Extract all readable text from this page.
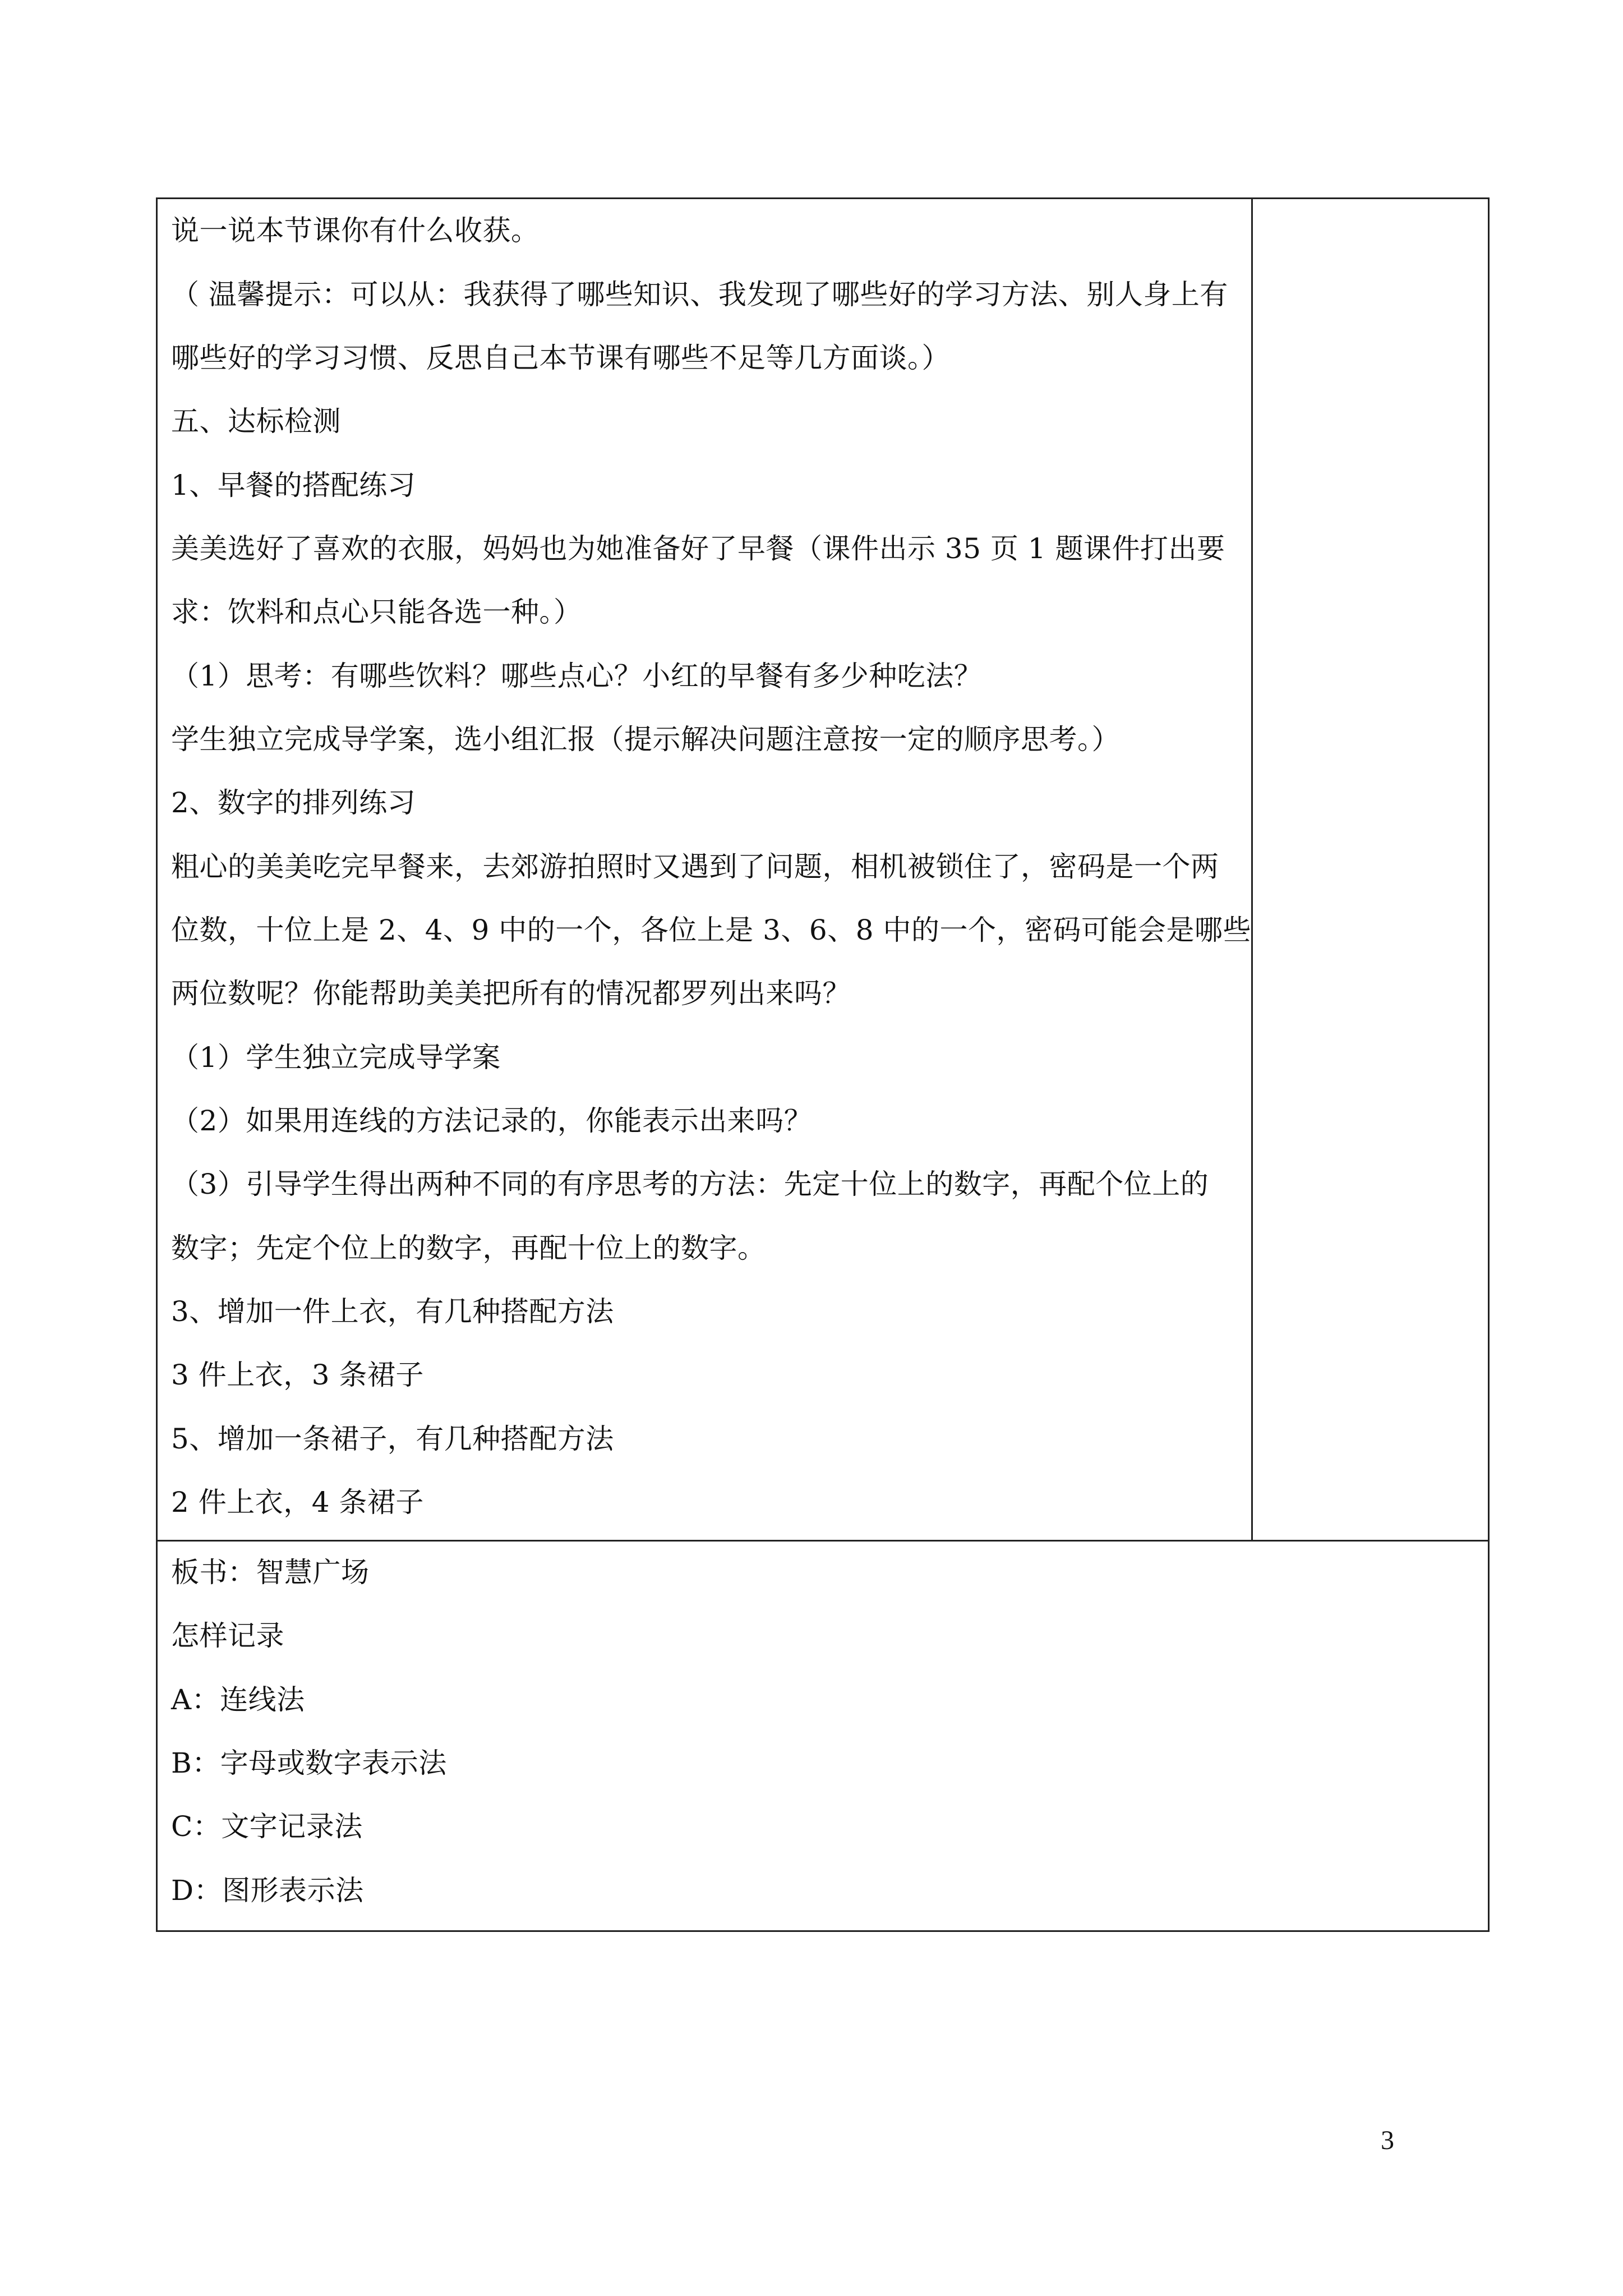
说一说本节课你有什么收获。
（ 温馨提示：可以从：我获得了哪些知识、我发现了哪些好的学习方法、别人身上有
哪些好的学习习惯、反思自己本节课有哪些不足等几方面谈。）
五、达标检测
1、早餐的搭配练习
美美选好了喜欢的衣服，妈妈也为她准备好了早餐（课件出示 35 页 1 题课件打出要
求：饮料和点心只能各选一种。）
（1）思考：有哪些饮料？哪些点心？小红的早餐有多少种吃法？
学生独立完成导学案，选小组汇报（提示解决问题注意按一定的顺序思考。）
2、数字的排列练习
粗心的美美吃完早餐来，去郊游拍照时又遇到了问题，相机被锁住了，密码是一个两
位数，十位上是 2、4、9 中的一个，各位上是 3、6、8 中的一个，密码可能会是哪些
两位数呢？你能帮助美美把所有的情况都罗列出来吗？
（1）学生独立完成导学案
（2）如果用连线的方法记录的，你能表示出来吗？
（3）引导学生得出两种不同的有序思考的方法：先定十位上的数字，再配个位上的
数字；先定个位上的数字，再配十位上的数字。
3、增加一件上衣，有几种搭配方法
3 件上衣，3 条裙子
5、增加一条裙子，有几种搭配方法
2 件上衣，4 条裙子
板书：智慧广场
怎样记录
A：连线法
B：字母或数字表示法
C：文字记录法
D：图形表示法
3
